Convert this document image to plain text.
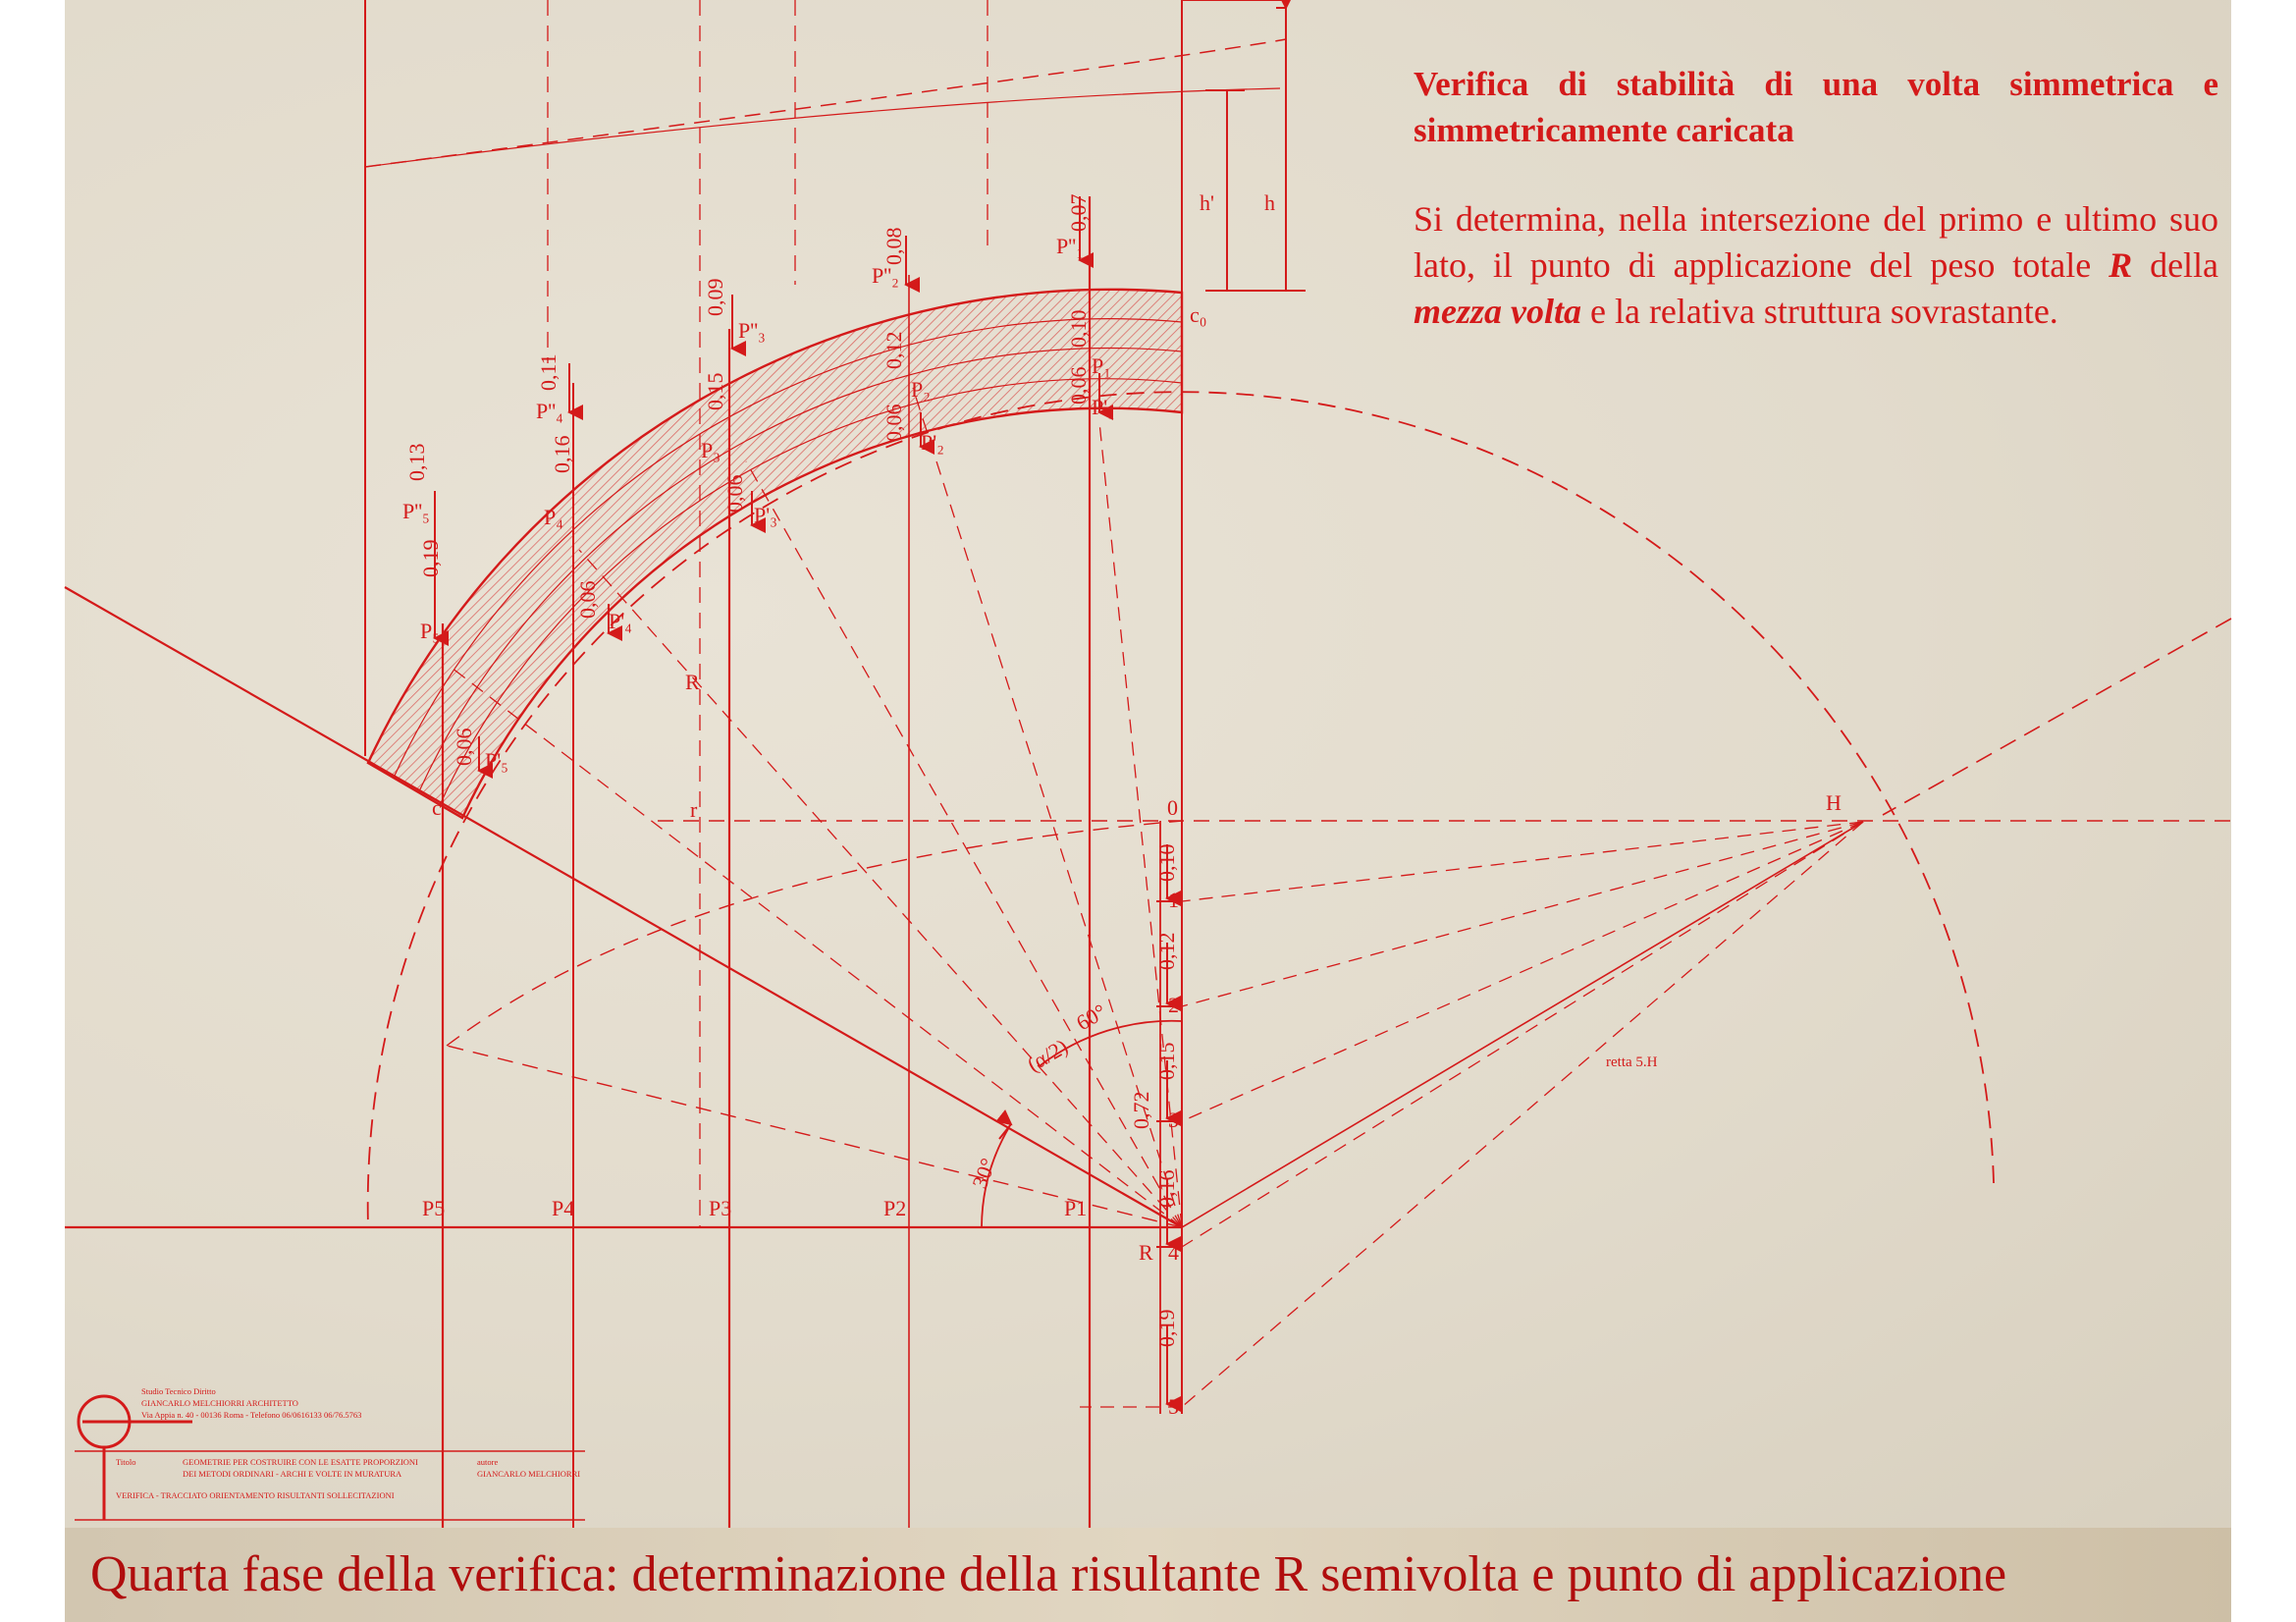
h' h
c₀
c	0	H
r
R
R
P5	P4	P3	P2	P1
P''₁
P''₂
P''₃
P''₄
P''₅
P₁
P₂
P₃
P₄
P₅
P'₁
P'₂
P'₃
P'₄
P'₅
1
2
3
4
5
(α/2)
60°
30°
retta 5.H
0,07
0,10
0,06
0,08
0,12
0,06
0,09
0,15
0,06
0,11
0,16
0,06
0,13
0,19
0,06
0,10
0,12
0,15
0,16
0,19
0,72
Studio Tecnico Diritto
GIANCARLO MELCHIORRI ARCHITETTO
Via Appia n. 40 - 00136 Roma - Telefono 06/0616133 06/76.5763
Titolo	GEOMETRIE PER COSTRUIRE CON LE ESATTE PROPORZIONI
DEI METODI ORDINARI - ARCHI E VOLTE IN MURATURA
VERIFICA - TRACCIATO ORIENTAMENTO RISULTANTI SOLLECITAZIONI
autore
GIANCARLO MELCHIORRI

Verifica di stabilità di una volta simmetrica e simmetricamente caricata

Si determina, nella intersezione del primo e ultimo suo lato, il punto di applicazione del peso totale R della mezza volta e la relativa struttura sovrastante.

Quarta fase della verifica: determinazione della risultante R semivolta e punto di applicazione
